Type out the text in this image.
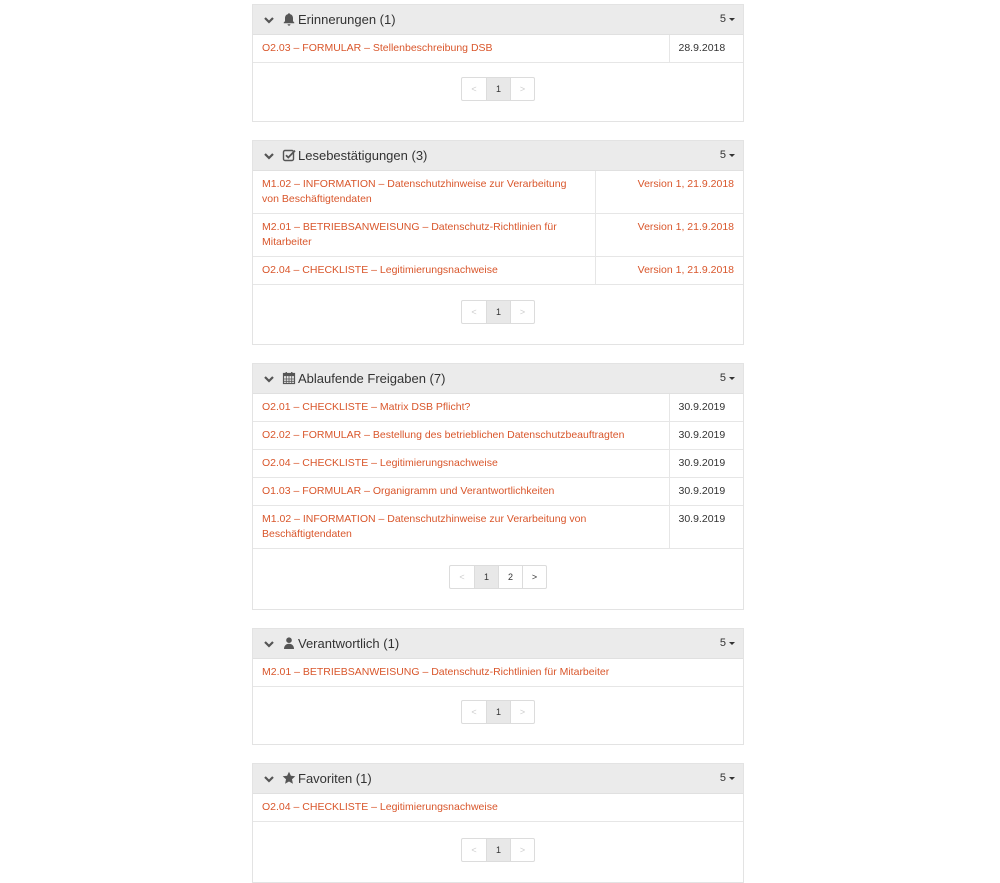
Erinnerungen (1)	5
O2.03 – FORMULAR – Stellenbeschreibung DSB	28.9.2018
<	1	>
Lesebestätigungen (3)	5
M1.02 – INFORMATION – Datenschutzhinweise zur Verarbeitung von Beschäftigtendaten	Version 1, 21.9.2018
M2.01 – BETRIEBSANWEISUNG – Datenschutz-Richtlinien für Mitarbeiter	Version 1, 21.9.2018
O2.04 – CHECKLISTE – Legitimierungsnachweise	Version 1, 21.9.2018
<	1	>
Ablaufende Freigaben (7)	5
O2.01 – CHECKLISTE – Matrix DSB Pflicht?	30.9.2019
O2.02 – FORMULAR – Bestellung des betrieblichen Datenschutzbeauftragten	30.9.2019
O2.04 – CHECKLISTE – Legitimierungsnachweise	30.9.2019
O1.03 – FORMULAR – Organigramm und Verantwortlichkeiten	30.9.2019
M1.02 – INFORMATION – Datenschutzhinweise zur Verarbeitung von Beschäftigtendaten	30.9.2019
<	1	2	>
Verantwortlich (1)	5
M2.01 – BETRIEBSANWEISUNG – Datenschutz-Richtlinien für Mitarbeiter
<	1	>
Favoriten (1)	5
O2.04 – CHECKLISTE – Legitimierungsnachweise
<	1	>
